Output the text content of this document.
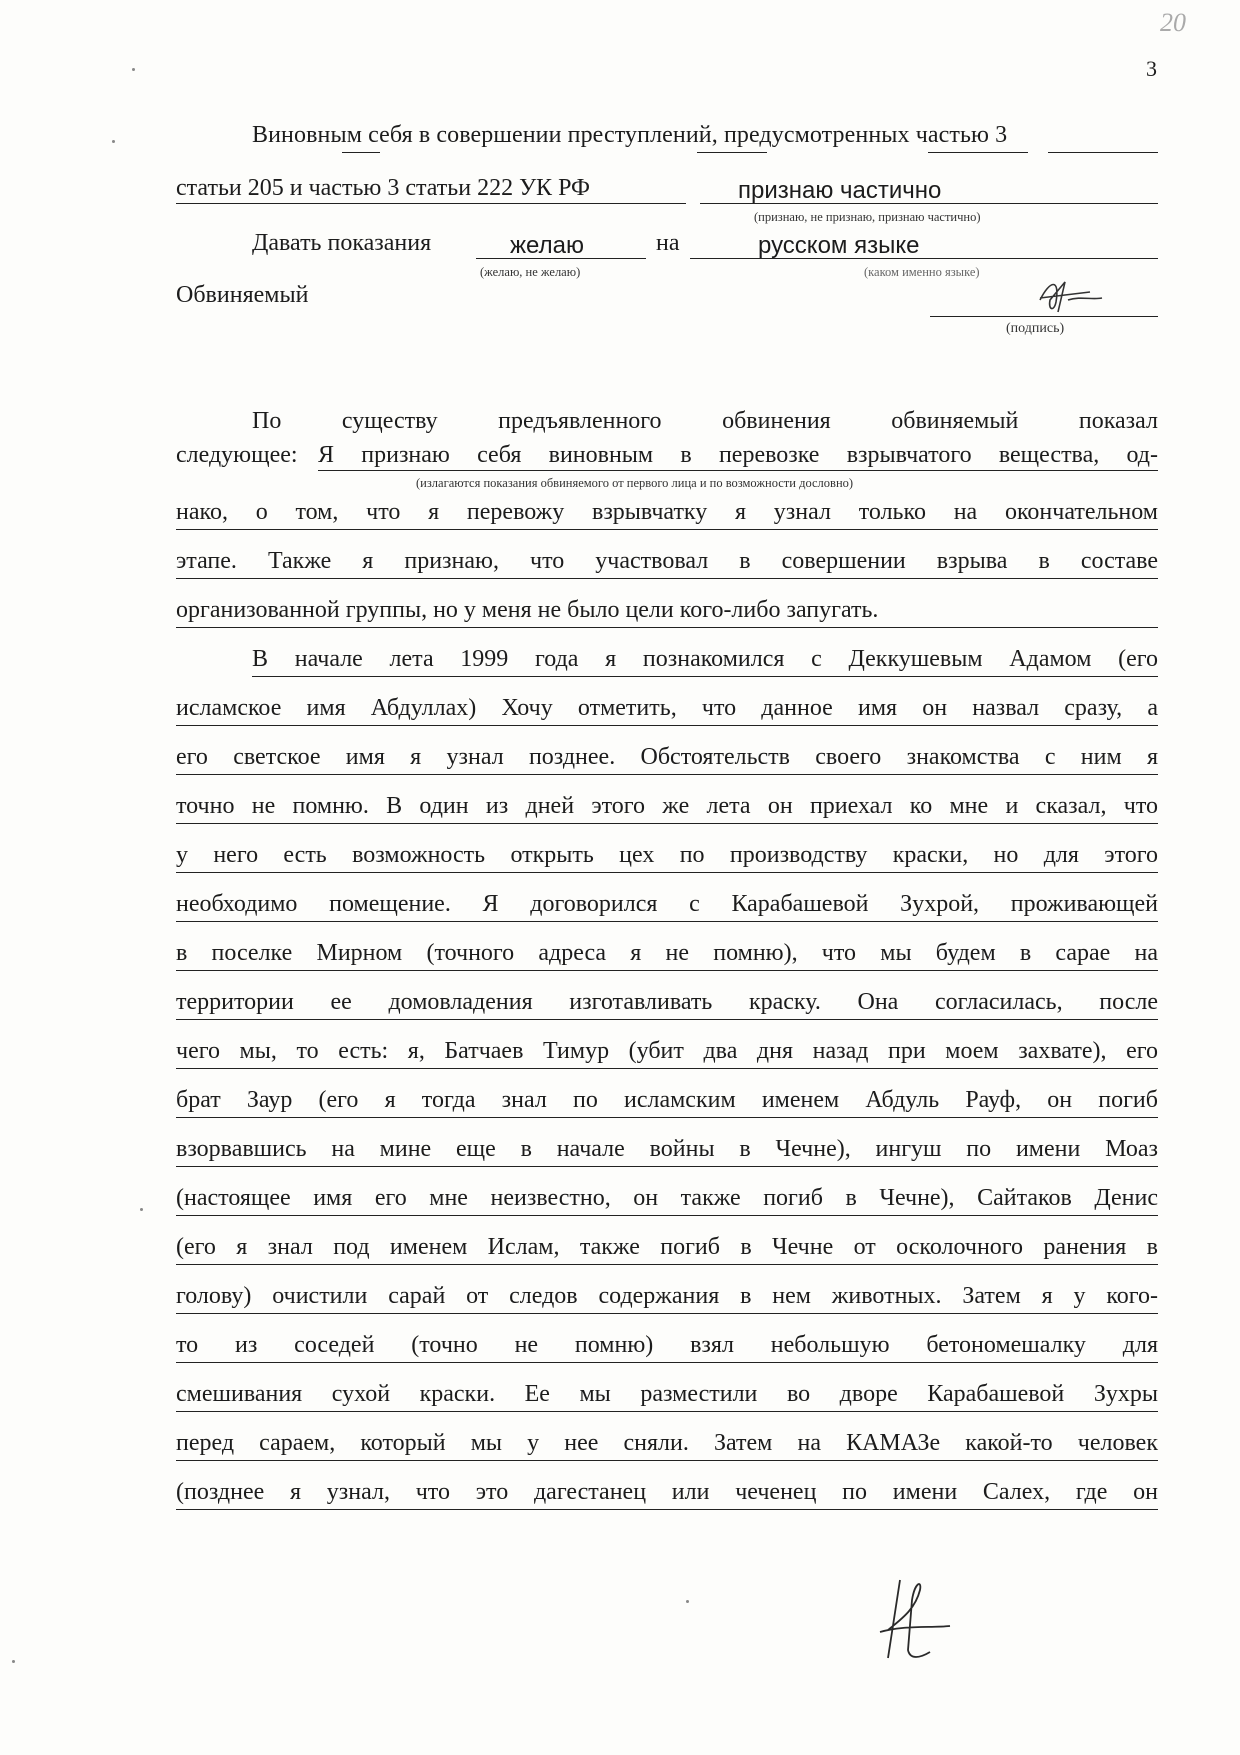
20
3
Виновным себя в совершении преступлений, предусмотренных частью 3
статьи 205 и частью 3 статьи 222 УК РФ	признаю частично
(признаю, не признаю, признаю частично)
Давать показания	желаю	на	русском языке
(желаю, не желаю)	(каком именно языке)
Обвиняемый
(подпись)
По существу предъявленного обвинения обвиняемый показал
следующее: Я признаю себя виновным в перевозке взрывчатого вещества, од-
(излагаются показания обвиняемого от первого лица и по возможности дословно)
нако, о том, что я перевожу взрывчатку я узнал только на окончательном
этапе. Также я признаю, что участвовал в совершении взрыва в составе
организованной группы, но у меня не было цели кого-либо запугать.
В начале лета 1999 года я познакомился с Деккушевым Адамом (его
исламское имя Абдуллах) Хочу отметить, что данное имя он назвал сразу, а
его светское имя я узнал позднее. Обстоятельств своего знакомства с ним я
точно не помню. В один из дней этого же лета он приехал ко мне и сказал, что
у него есть возможность открыть цех по производству краски, но для этого
необходимо помещение. Я договорился с Карабашевой Зухрой, проживающей
в поселке Мирном (точного адреса я не помню), что мы будем в сарае на
территории ее домовладения изготавливать краску. Она согласилась, после
чего мы, то есть: я, Батчаев Тимур (убит два дня назад при моем захвате), его
брат Заур (его я тогда знал по исламским именем Абдуль Рауф, он погиб
взорвавшись на мине еще в начале войны в Чечне), ингуш по имени Моаз
(настоящее имя его мне неизвестно, он также погиб в Чечне), Сайтаков Денис
(его я знал под именем Ислам, также погиб в Чечне от осколочного ранения в
голову) очистили сарай от следов содержания в нем животных. Затем я у кого-
то из соседей (точно не помню) взял небольшую бетономешалку для
смешивания сухой краски. Ее мы разместили во дворе Карабашевой Зухры
перед сараем, который мы у нее сняли. Затем на КАМАЗе какой-то человек
(позднее я узнал, что это дагестанец или чеченец по имени Салех, где он
